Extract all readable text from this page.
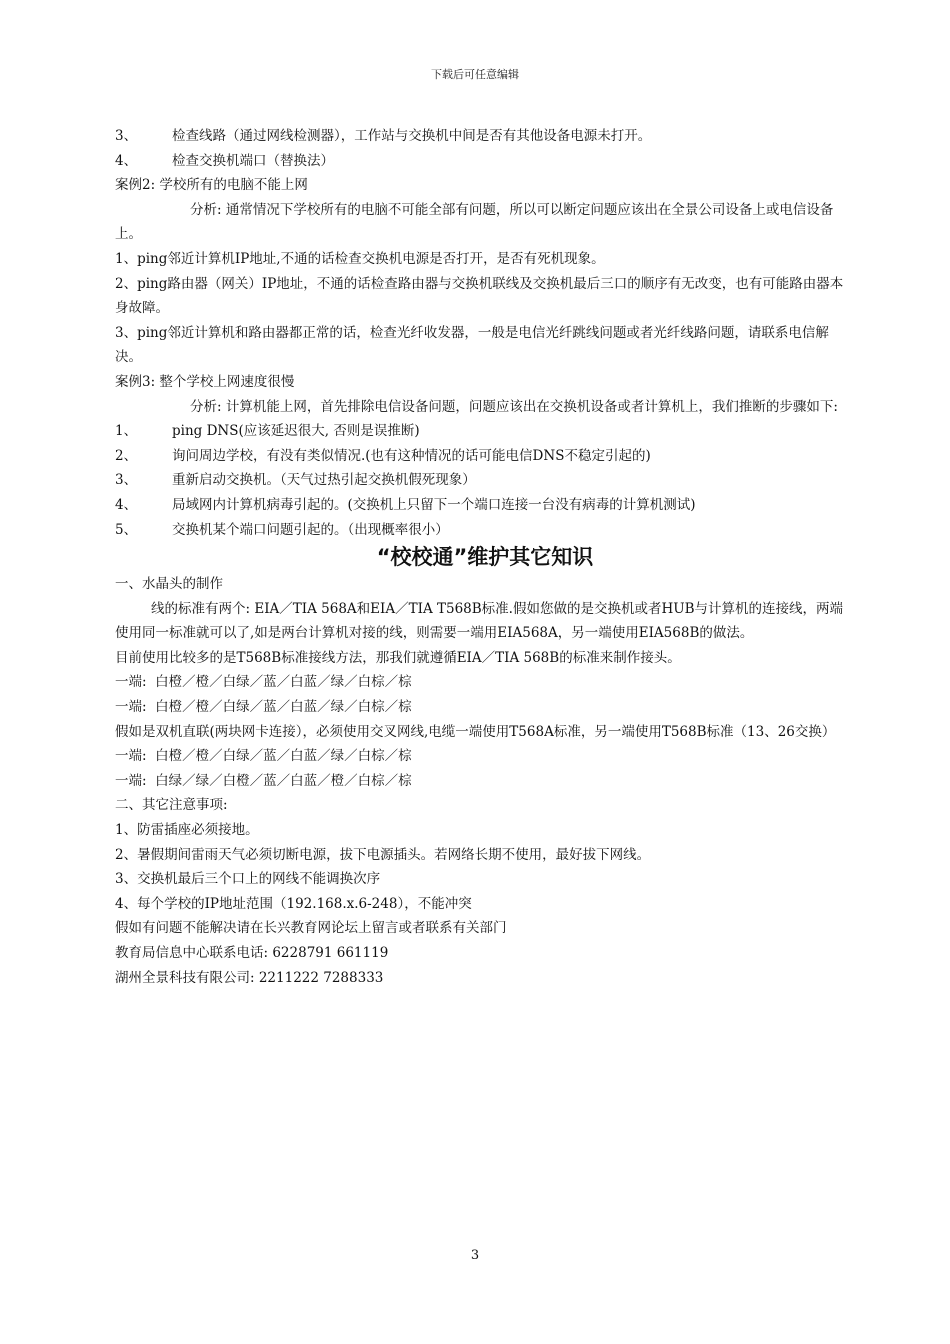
下载后可任意编辑
3、	检查线路（通过网线检测器），工作站与交换机中间是否有其他设备电源未打开。
4、	检查交换机端口（替换法）
案例2: 学校所有的电脑不能上网
分析: 通常情况下学校所有的电脑不可能全部有问题，所以可以断定问题应该出在全景公司设备上或电信设备上。
1、ping邻近计算机IP地址,不通的话检查交换机电源是否打开，是否有死机现象。
2、ping路由器（网关）IP地址，不通的话检查路由器与交换机联线及交换机最后三口的顺序有无改变，也有可能路由器本身故障。
3、ping邻近计算机和路由器都正常的话，检查光纤收发器，一般是电信光纤跳线问题或者光纤线路问题，请联系电信解决。
案例3: 整个学校上网速度很慢
分析: 计算机能上网，首先排除电信设备问题，问题应该出在交换机设备或者计算机上，我们推断的步骤如下:
1、	ping DNS(应该延迟很大, 否则是误推断)
2、	询问周边学校，有没有类似情况.(也有这种情况的话可能电信DNS不稳定引起的)
3、	重新启动交换机。（天气过热引起交换机假死现象）
4、	局域网内计算机病毒引起的。(交换机上只留下一个端口连接一台没有病毒的计算机测试)
5、	交换机某个端口问题引起的。（出现概率很小）
“校校通”维护其它知识
一、水晶头的制作
线的标准有两个: EIA／TIA 568A和EIA／TIA T568B标准.假如您做的是交换机或者HUB与计算机的连接线，两端使用同一标准就可以了,如是两台计算机对接的线，则需要一端用EIA568A，另一端使用EIA568B的做法。
目前使用比较多的是T568B标准接线方法，那我们就遵循EIA／TIA 568B的标准来制作接头。
一端:  白橙／橙／白绿／蓝／白蓝／绿／白棕／棕
一端:  白橙／橙／白绿／蓝／白蓝／绿／白棕／棕
假如是双机直联(两块网卡连接），必须使用交叉网线,电缆一端使用T568A标准，另一端使用T568B标准（13、26交换）
一端:  白橙／橙／白绿／蓝／白蓝／绿／白棕／棕
一端:  白绿／绿／白橙／蓝／白蓝／橙／白棕／棕
二、其它注意事项:
1、防雷插座必须接地。
2、暑假期间雷雨天气必须切断电源，拔下电源插头。若网络长期不使用，最好拔下网线。
3、交换机最后三个口上的网线不能调换次序
4、每个学校的IP地址范围（192.168.x.6-248），不能冲突
假如有问题不能解决请在长兴教育网论坛上留言或者联系有关部门
教育局信息中心联系电话: 6228791 661119
湖州全景科技有限公司: 2211222 7288333
3
